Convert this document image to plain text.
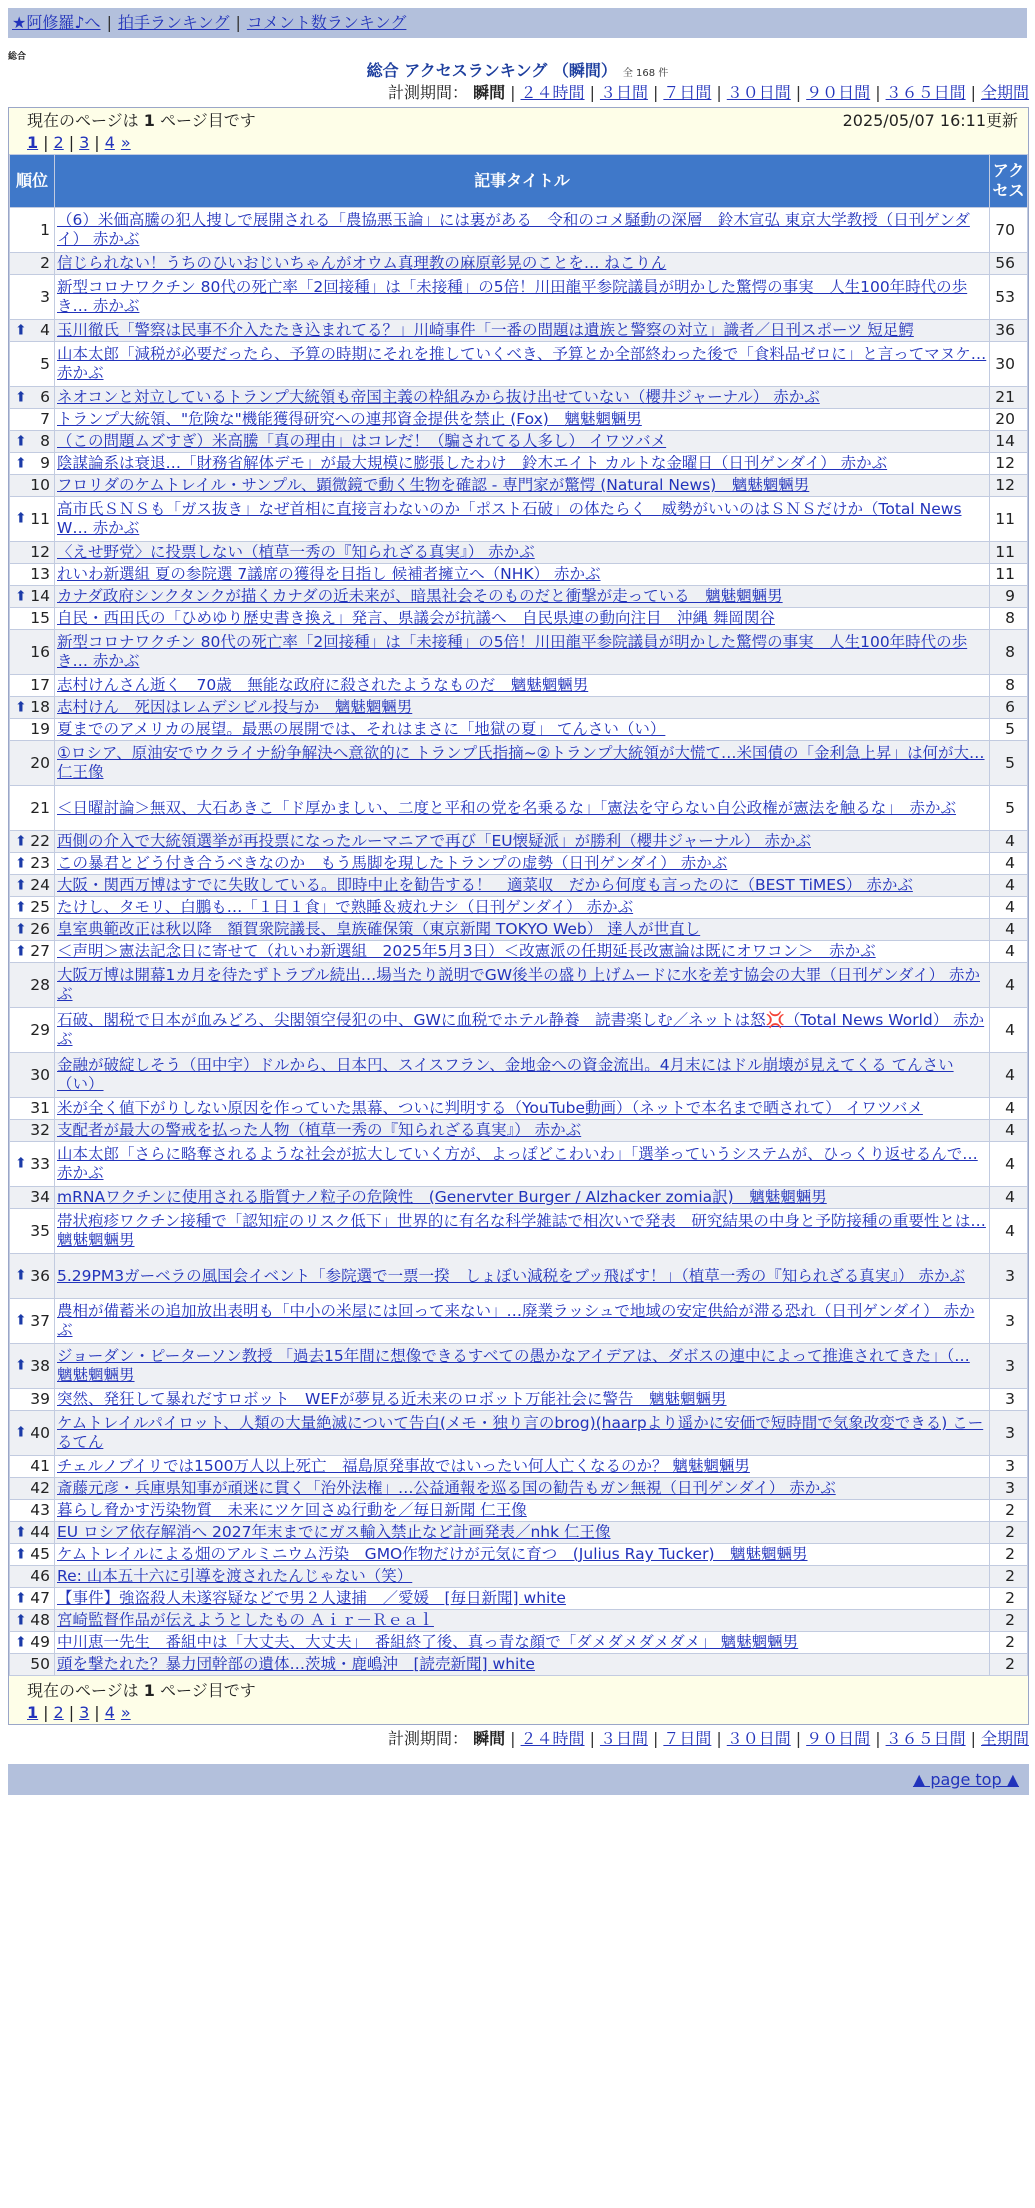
★阿修羅♪へ | 拍手ランキング | コメント数ランキング
総合
総合 アクセスランキング （瞬間） 全 168 件
計測期間： 瞬間 | ２４時間 | ３日間 | ７日間 | ３０日間 | ９０日間 | ３６５日間 | 全期間
現在のページは 1 ページ目です	2025/05/07 16:11更新
1 | 2 | 3 | 4 »
順位	記事タイトル	アクセス
1	（6）米価高騰の犯人捜しで展開される「農協悪玉論」には裏がある　令和のコメ騒動の深層　鈴木宣弘 東京大学教授（日刊ゲンダイ） 赤かぶ	70
2	信じられない！うちのひいおじいちゃんがオウム真理教の麻原彰晃のことを… ねこりん	56
3	新型コロナワクチン 80代の死亡率「2回接種」は「未接種」の5倍！川田龍平参院議員が明かした驚愕の事実　人生100年時代の歩き… 赤かぶ	53

⬆ 4	玉川徹氏「警察は民事不介入たたき込まれてる？」川崎事件「一番の問題は遺族と警察の対立」識者／日刊スポーツ 短足鰐	36
5	山本太郎「減税が必要だったら、予算の時期にそれを推していくべき、予算とか全部終わった後で「食料品ゼロに」と言ってマヌケ… 赤かぶ	30

⬆ 6	ネオコンと対立しているトランプ大統領も帝国主義の枠組みから抜け出せていない（櫻井ジャーナル） 赤かぶ	21
7	トランプ大統領、"危険な"機能獲得研究への連邦資金提供を禁止 (Fox)　魑魅魍魎男	20

⬆ 8	（この問題ムズすぎ）米高騰「真の理由」はコレだ！（騙されてる人多し） イワツバメ	14

⬆ 9	陰謀論系は衰退…「財務省解体デモ」が最大規模に膨張したわけ　鈴木エイト カルトな金曜日（日刊ゲンダイ） 赤かぶ	12
10	フロリダのケムトレイル・サンプル、顕微鏡で動く生物を確認 - 専門家が驚愕 (Natural News)　魑魅魍魎男	12

⬆ 11	高市氏ＳＮＳも「ガス抜き」なぜ首相に直接言わないのか「ポスト石破」の体たらく　威勢がいいのはＳＮＳだけか（Total News W… 赤かぶ	11
12	〈えせ野党〉に投票しない（植草一秀の『知られざる真実』） 赤かぶ	11
13	れいわ新選組 夏の参院選 7議席の獲得を目指し 候補者擁立へ（NHK） 赤かぶ	11

⬆ 14	カナダ政府シンクタンクが描くカナダの近未来が、暗黒社会そのものだと衝撃が走っている　魑魅魍魎男	9
15	自民・西田氏の「ひめゆり歴史書き換え」発言、県議会が抗議へ　自民県連の動向注目　沖縄 舞岡関谷	8
16	新型コロナワクチン 80代の死亡率「2回接種」は「未接種」の5倍！川田龍平参院議員が明かした驚愕の事実　人生100年時代の歩き… 赤かぶ	8
17	志村けんさん逝く　70歳　無能な政府に殺されたようなものだ　魑魅魍魎男	8

⬆ 18	志村けん　死因はレムデシビル投与か　魑魅魍魎男	6
19	夏までのアメリカの展望。最悪の展開では、それはまさに「地獄の夏」 てんさい（い）	5
20	①ロシア、原油安でウクライナ紛争解決へ意欲的に トランプ氏指摘~②トランプ大統領が大慌て…米国債の「金利急上昇」は何が大… 仁王像	5
21	＜日曜討論＞無双、大石あきこ「ド厚かましい、二度と平和の党を名乗るな」「憲法を守らない自公政権が憲法を触るな」　赤かぶ	5

⬆ 22	西側の介入で大統領選挙が再投票になったルーマニアで再び「EU懐疑派」が勝利（櫻井ジャーナル） 赤かぶ	4

⬆ 23	この暴君とどう付き合うべきなのか　もう馬脚を現したトランプの虚勢（日刊ゲンダイ） 赤かぶ	4

⬆ 24	大阪・関西万博はすでに失敗している。即時中止を勧告する！　適菜収　だから何度も言ったのに（BEST TiMES） 赤かぶ	4

⬆ 25	たけし、タモリ、白鵬も…「１日１食」で熟睡＆疲れナシ（日刊ゲンダイ） 赤かぶ	4

⬆ 26	皇室典範改正は秋以降　額賀衆院議長、皇族確保策（東京新聞 TOKYO Web） 達人が世直し	4

⬆ 27	＜声明＞憲法記念日に寄せて（れいわ新選組　2025年5月3日）＜改憲派の任期延長改憲論は既にオワコン＞　赤かぶ	4
28	大阪万博は開幕1カ月を待たずトラブル続出…場当たり説明でGW後半の盛り上げムードに水を差す協会の大罪（日刊ゲンダイ） 赤かぶ	4
29	石破、閣税で日本が血みどろ、尖閣領空侵犯の中、GWに血税でホテル静養　読書楽しむ／ネットは怒💢（Total News World） 赤かぶ	4
30	金融が破綻しそう（田中宇）ドルから、日本円、スイスフラン、金地金への資金流出。4月末にはドル崩壊が見えてくる てんさい（い）	4
31	米が全く値下がりしない原因を作っていた黒幕、ついに判明する（YouTube動画）（ネットで本名まで晒されて） イワツバメ	4
32	支配者が最大の警戒を払った人物（植草一秀の『知られざる真実』） 赤かぶ	4

⬆ 33	山本太郎「さらに略奪されるような社会が拡大していく方が、よっぽどこわいわ」「選挙っていうシステムが、ひっくり返せるんで… 赤かぶ	4
34	mRNAワクチンに使用される脂質ナノ粒子の危険性　(Genervter Burger / Alzhacker zomia訳)　魑魅魍魎男	4
35	帯状疱疹ワクチン接種で「認知症のリスク低下」世界的に有名な科学雑誌で相次いで発表　研究結果の中身と予防接種の重要性とは… 魑魅魍魎男	4

⬆ 36	5.29PM3ガーベラの風国会イベント「参院選で一票一揆　しょぼい減税をブッ飛ばす！」（植草一秀の『知られざる真実』） 赤かぶ	3

⬆ 37	農相が備蓄米の追加放出表明も「中小の米屋には回って来ない」…廃業ラッシュで地域の安定供給が滞る恐れ（日刊ゲンダイ） 赤かぶ	3

⬆ 38	ジョーダン・ピーターソン教授 「過去15年間に想像できるすべての愚かなアイデアは、ダボスの連中によって推進されてきた」（… 魑魅魍魎男	3
39	突然、発狂して暴れだすロボット　WEFが夢見る近未来のロボット万能社会に警告　魑魅魍魎男	3

⬆ 40	ケムトレイルパイロット、人類の大量絶滅について告白(メモ・独り言のbrog)(haarpより遥かに安価で短時間で気象改変できる) こーるてん	3
41	チェルノブイリでは1500万人以上死亡　福島原発事故ではいったい何人亡くなるのか？ 魑魅魍魎男	3
42	斎藤元彦・兵庫県知事が頑迷に貫く「治外法権」…公益通報を巡る国の勧告もガン無視（日刊ゲンダイ） 赤かぶ	3
43	暮らし脅かす汚染物質　未来にツケ回さぬ行動を／毎日新聞 仁王像	2

⬆ 44	EU ロシア依存解消へ 2027年末までにガス輸入禁止など計画発表／nhk 仁王像	2

⬆ 45	ケムトレイルによる畑のアルミニウム汚染　GMO作物だけが元気に育つ　(Julius Ray Tucker)　魑魅魍魎男	2
46	Re: 山本五十六に引導を渡されたんじゃない（笑）	2

⬆ 47	【事件】強盗殺人未遂容疑などで男２人逮捕　／愛媛　[毎日新聞] white	2

⬆ 48	宮崎監督作品が伝えようとしたもの Ａｉｒ－Ｒｅａｌ	2

⬆ 49	中川恵一先生　番組中は「大丈夫、大丈夫」　番組終了後、真っ青な顔で「ダメダメダメダメ」 魑魅魍魎男	2
50	頭を撃たれた？暴力団幹部の遺体…茨城・鹿嶋沖　[読売新聞] white	2
現在のページは 1 ページ目です
1 | 2 | 3 | 4 »
計測期間： 瞬間 | ２４時間 | ３日間 | ７日間 | ３０日間 | ９０日間 | ３６５日間 | 全期間
▲ page top ▲
